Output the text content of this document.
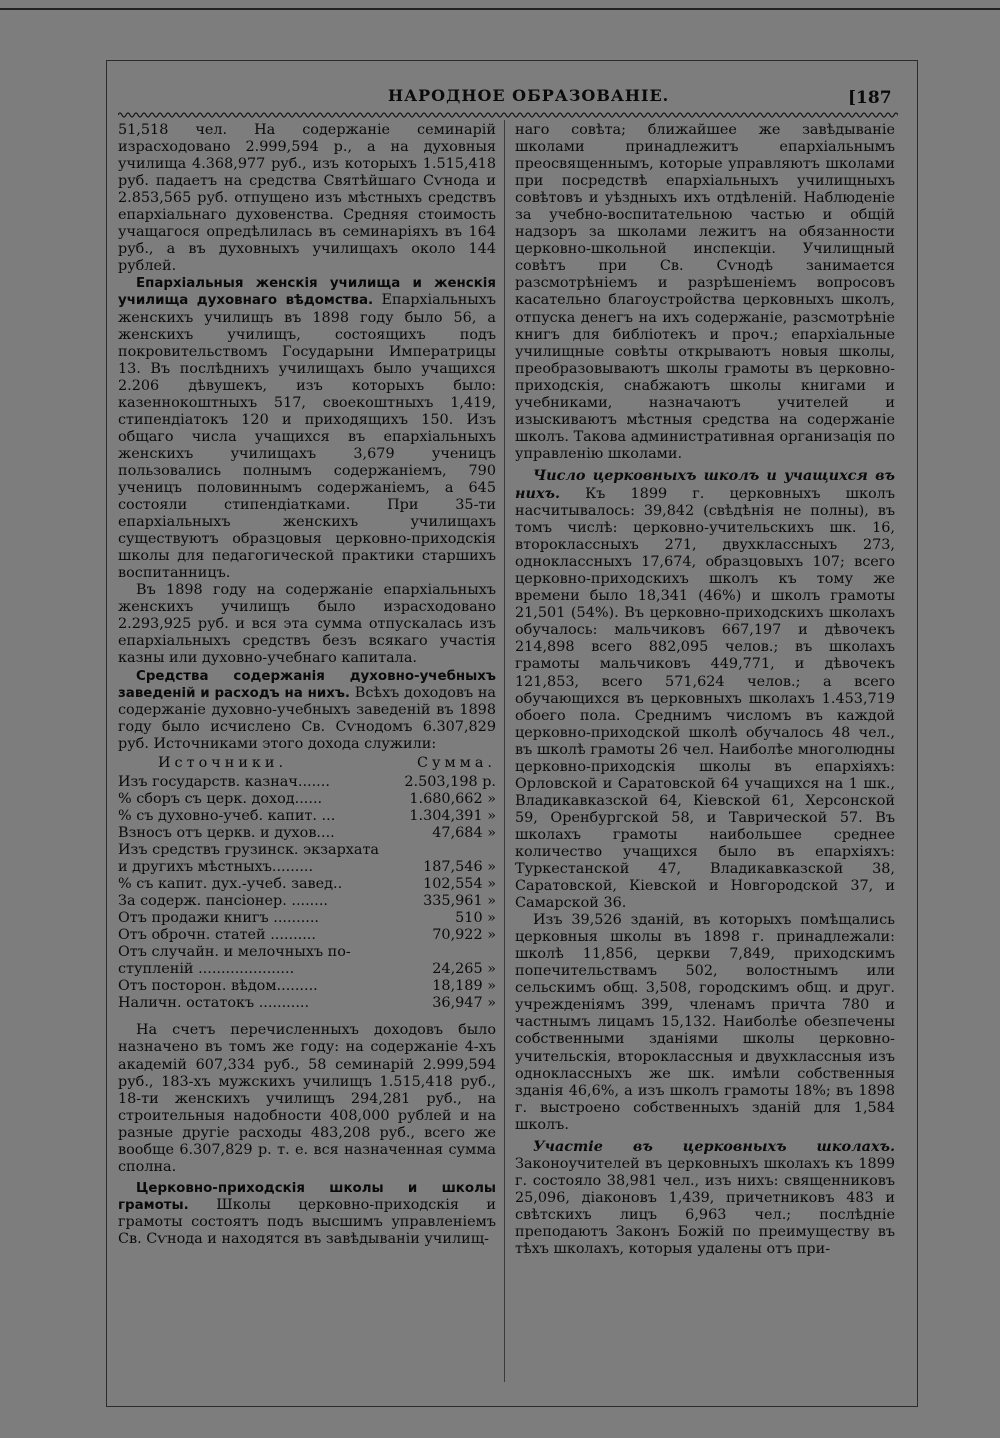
НАРОДНОЕ ОБРАЗОВАНІЕ.	[187

51,518 чел. На содержаніе семинарій израсходовано 2.999,594 р., а на духовныя училища 4.368,977 руб., изъ которыхъ 1.515,418 руб. падаетъ на средства Святѣйшаго Сѵнода и 2.853,565 руб. отпущено изъ мѣстныхъ средствъ епархіальнаго духовенства. Средняя стоимость учащагося опредѣлилась въ семинаріяхъ въ 164 руб., а въ духовныхъ училищахъ около 144 рублей.

Епархіальныя женскія училища и женскія училища духовнаго вѣдомства. Епархіальныхъ женскихъ училищъ въ 1898 году было 56, а женскихъ училищъ, состоящихъ подъ покровительствомъ Государыни Императрицы 13. Въ послѣднихъ училищахъ было учащихся 2.206 дѣвушекъ, изъ которыхъ было: казеннокоштныхъ 517, своекоштныхъ 1,419, стипендіатокъ 120 и приходящихъ 150. Изъ общаго числа учащихся въ епархіальныхъ женскихъ училищахъ 3,679 ученицъ пользовались полнымъ содержаніемъ, 790 ученицъ половиннымъ содержаніемъ, а 645 состояли стипендіатками. При 35-ти епархіальныхъ женскихъ училищахъ существуютъ образцовыя церковно-приходскія школы для педагогической практики старшихъ воспитанницъ.

Въ 1898 году на содержаніе епархіальныхъ женскихъ училищъ было израсходовано 2.293,925 руб. и вся эта сумма отпускалась изъ епархіальныхъ средствъ безъ всякаго участія казны или духовно-учебнаго капитала.

Средства содержанія духовно-учебныхъ заведеній и расходъ на нихъ. Всѣхъ доходовъ на содержаніе духовно-учебныхъ заведеній въ 1898 году было исчислено Св. Сѵнодомъ 6.307,829 руб. Источниками этого дохода служили:

Источники.	Сумма.
Изъ государств. казнач.......	2.503,198 р.
% сборъ съ церк. доход......	1.680,662 »
% съ духовно-учеб. капит. ...	1.304,391 »
Взносъ отъ церкв. и духов....	47,684 »
Изъ средствъ грузинск. экзархата	
и другихъ мѣстныхъ.........	187,546 »
% съ капит. дух.-учеб. завед..	102,554 »
За содерж. пансіонер. ........	335,961 »
Отъ продажи книгъ ..........	510 »
Отъ оброчн. статей ..........	70,922 »
Отъ случайн. и мелочныхъ по-	
ступленій .....................	24,265 »
Отъ посторон. вѣдом.........	18,189 »
Наличн. остатокъ ...........	36,947 »

На счетъ перечисленныхъ доходовъ было назначено въ томъ же году: на содержаніе 4-хъ академій 607,334 руб., 58 семинарій 2.999,594 руб., 183-хъ мужскихъ училищъ 1.515,418 руб., 18-ти женскихъ училищъ 294,281 руб., на строительныя надобности 408,000 рублей и на разные другіе расходы 483,208 руб., всего же вообще 6.307,829 р. т. е. вся назначенная сумма сполна.

Церковно-приходскія школы и школы грамоты. Школы церковно-приходскія и грамоты состоятъ подъ высшимъ управленіемъ Св. Сѵнода и находятся въ завѣдываніи училищ-

наго совѣта; ближайшее же завѣдываніе школами принадлежитъ епархіальнымъ преосвященнымъ, которые управляютъ школами при посредствѣ епархіальныхъ училищныхъ совѣтовъ и уѣздныхъ ихъ отдѣленій. Наблюденіе за учебно-воспитательною частью и общій надзоръ за школами лежитъ на обязанности церковно-школьной инспекціи. Училищный совѣтъ при Св. Сѵнодѣ занимается разсмотрѣніемъ и разрѣшеніемъ вопросовъ касательно благоустройства церковныхъ школъ, отпуска денегъ на ихъ содержаніе, разсмотрѣніе книгъ для библіотекъ и проч.; епархіальные училищные совѣты открываютъ новыя школы, преобразовываютъ школы грамоты въ церковно-приходскія, снабжаютъ школы книгами и учебниками, назначаютъ учителей и изыскиваютъ мѣстныя средства на содержаніе школъ. Такова административная организація по управленію школами.

Число церковныхъ школъ и учащихся въ нихъ. Къ 1899 г. церковныхъ школъ насчитывалось: 39,842 (свѣдѣнія не полны), въ томъ числѣ: церковно-учительскихъ шк. 16, второклассныхъ 271, двухклассныхъ 273, одноклассныхъ 17,674, образцовыхъ 107; всего церковно-приходскихъ школъ къ тому же времени было 18,341 (46%) и школъ грамоты 21,501 (54%). Въ церковно-приходскихъ школахъ обучалось: мальчиковъ 667,197 и дѣвочекъ 214,898 всего 882,095 челов.; въ школахъ грамоты мальчиковъ 449,771, и дѣвочекъ 121,853, всего 571,624 челов.; а всего обучающихся въ церковныхъ школахъ 1.453,719 обоего пола. Среднимъ числомъ въ каждой церковно-приходской школѣ обучалось 48 чел., въ школѣ грамоты 26 чел. Наиболѣе многолюдны церковно-приходскія школы въ епархіяхъ: Орловской и Саратовской 64 учащихся на 1 шк., Владикавказской 64, Кіевской 61, Херсонской 59, Оренбургской 58, и Таврической 57. Въ школахъ грамоты наибольшее среднее количество учащихся было въ епархіяхъ: Туркестанской 47, Владикавказской 38, Саратовской, Кіевской и Новгородской 37, и Самарской 36.

Изъ 39,526 зданій, въ которыхъ помѣщались церковныя школы въ 1898 г. принадлежали: школѣ 11,856, церкви 7,849, приходскимъ попечительствамъ 502, волостнымъ или сельскимъ общ. 3,508, городскимъ общ. и друг. учрежденіямъ 399, членамъ причта 780 и частнымъ лицамъ 15,132. Наиболѣе обезпечены собственными зданіями школы церковно-учительскія, второклассныя и двухклассныя изъ одноклассныхъ же шк. имѣли собственныя зданія 46,6%, а изъ школъ грамоты 18%; въ 1898 г. выстроено собственныхъ зданій для 1,584 школъ.

Участіе въ церковныхъ школахъ. Законоучителей въ церковныхъ школахъ къ 1899 г. состояло 38,981 чел., изъ нихъ: священниковъ 25,096, діаконовъ 1,439, причетниковъ 483 и свѣтскихъ лицъ 6,963 чел.; послѣдніе преподаютъ Законъ Божій по преимуществу въ тѣхъ школахъ, которыя удалены отъ при-
